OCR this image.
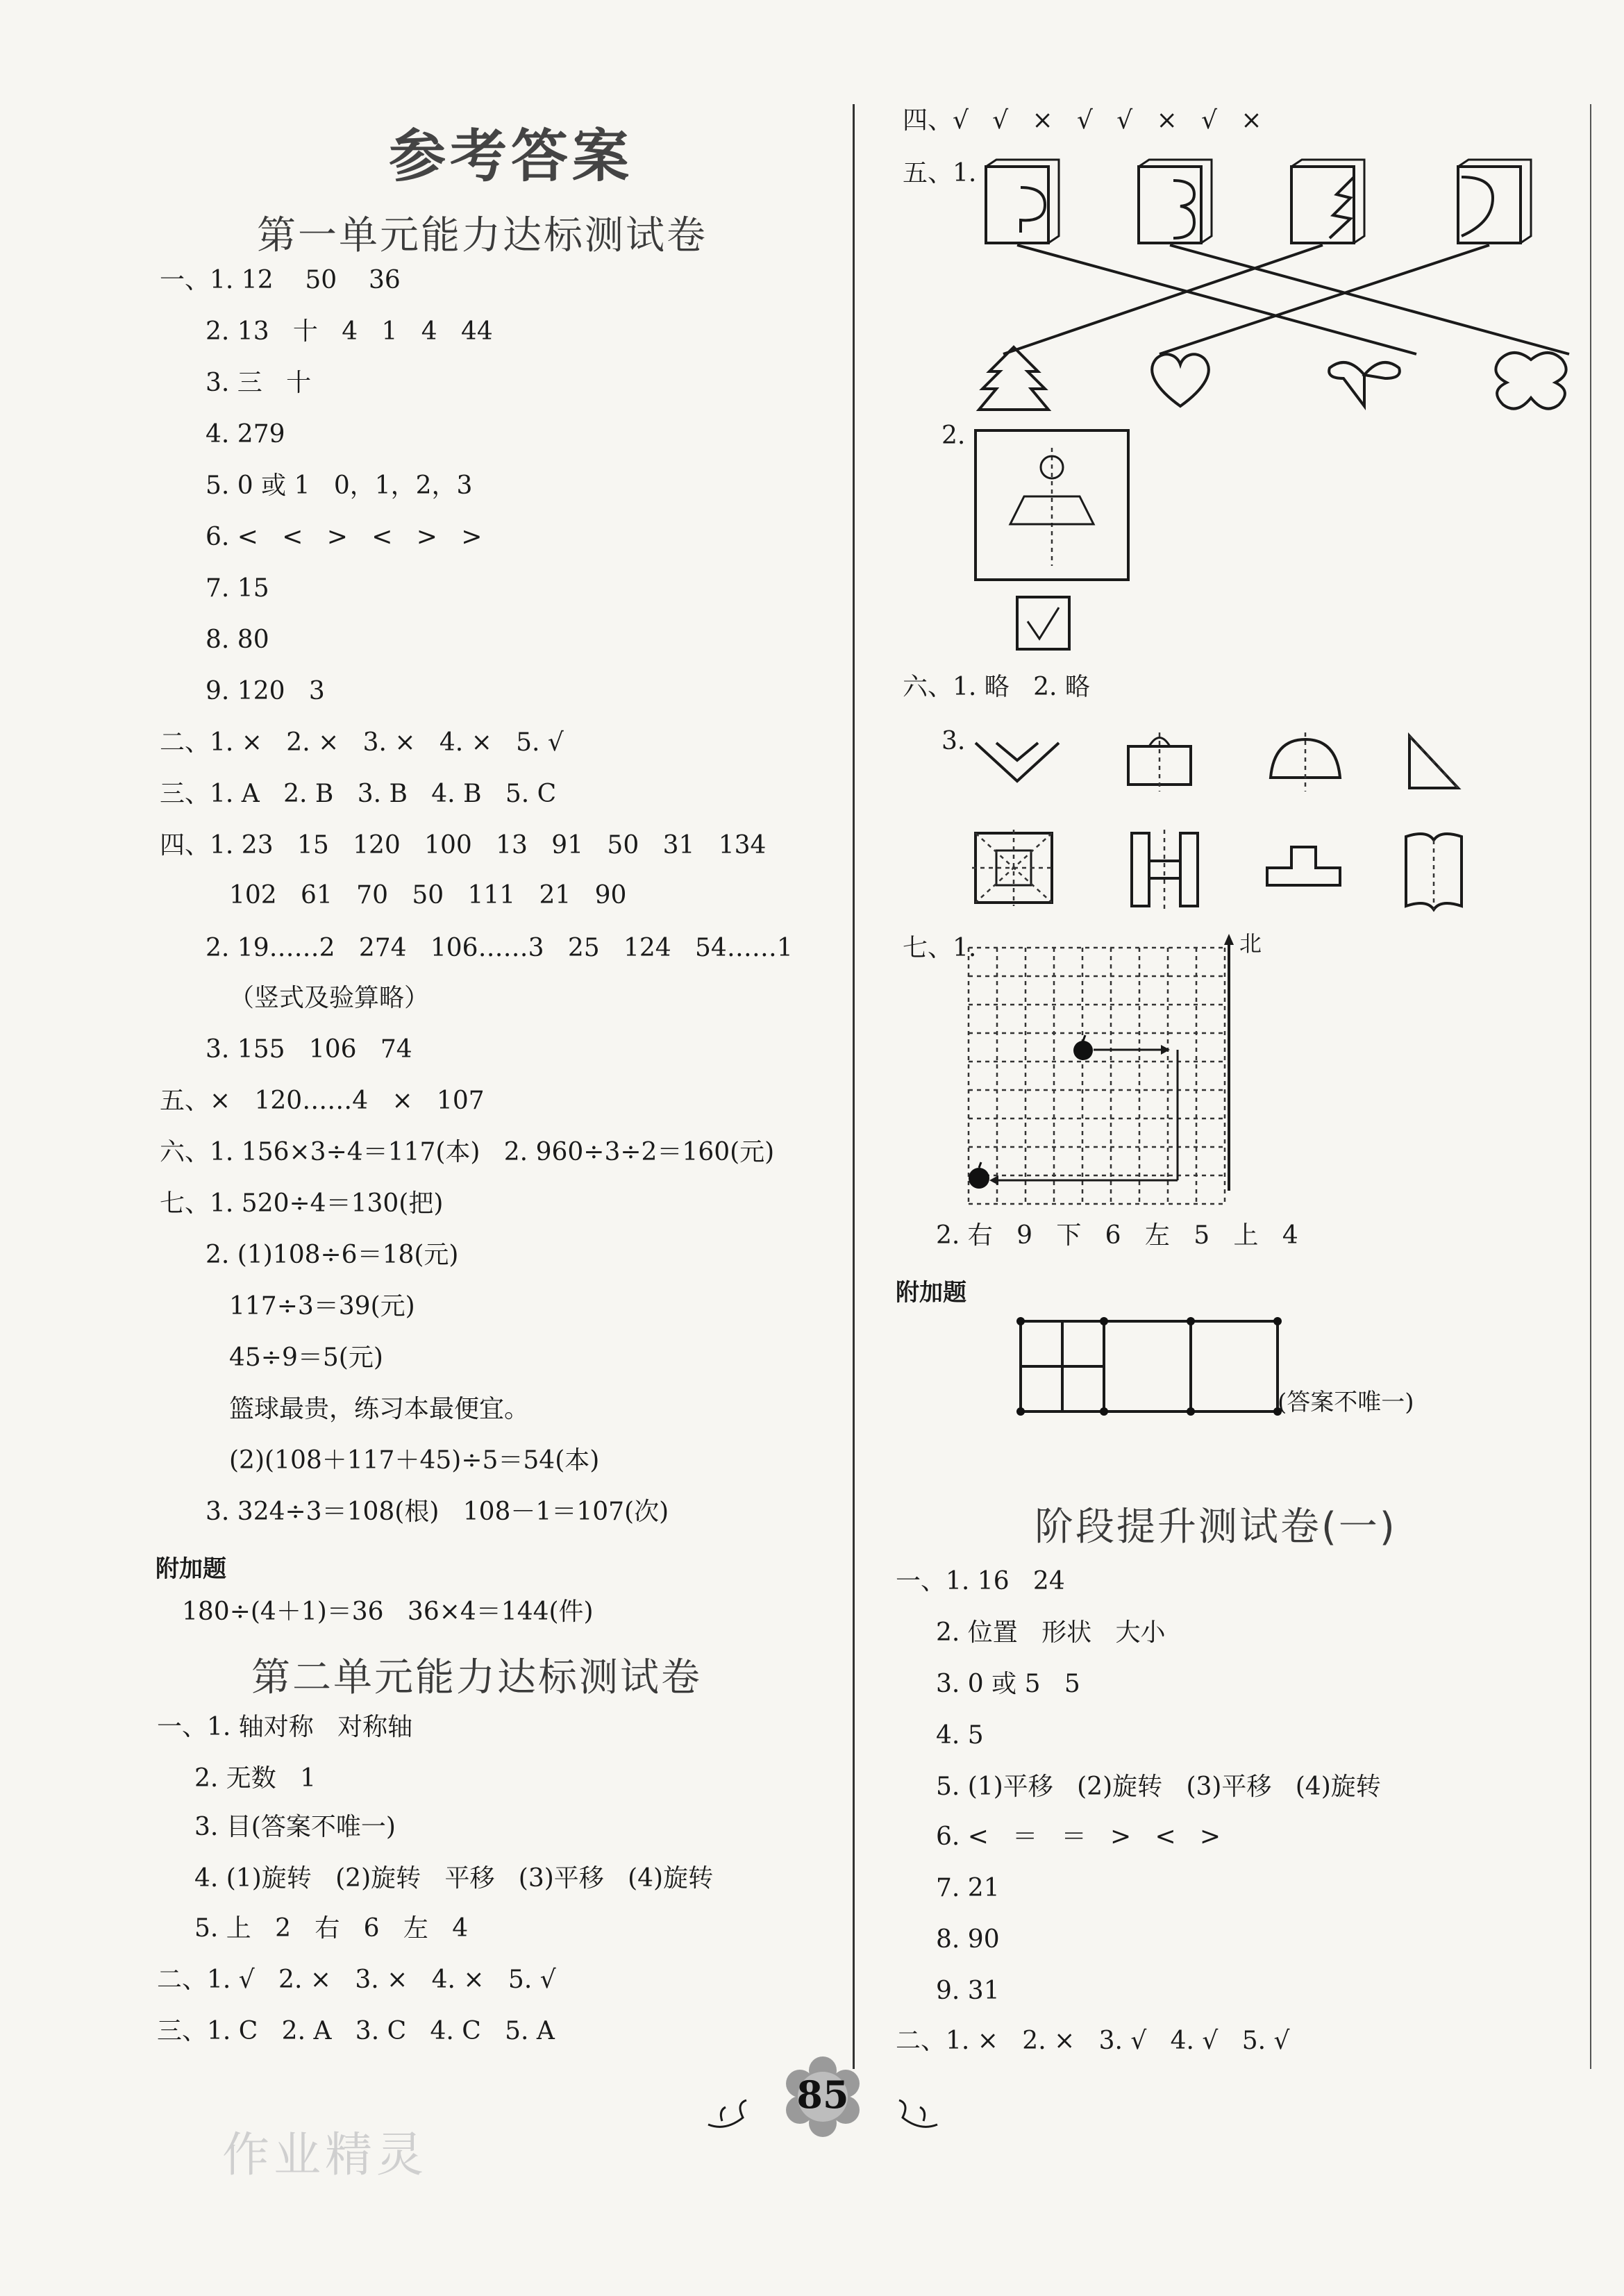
参考答案
第一单元能力达标测试卷
一、1. 12    50    36
2. 13   十   4   1   4   44
3. 三   十
4. 279
5. 0 或 1   0，1，2，3
6. <   <   >   <   >   >
7. 15
8. 80
9. 120   3
二、1. ×   2. ×   3. ×   4. ×   5. √
三、1. A   2. B   3. B   4. B   5. C
四、1. 23   15   120   100   13   91   50   31   134
102   61   70   50   111   21   90
2. 19……2   274   106……3   25   124   54……1
（竖式及验算略）
3. 155   106   74
五、×   120……4   ×   107
六、1. 156×3÷4＝117(本)   2. 960÷3÷2＝160(元)
七、1. 520÷4＝130(把)
2. (1)108÷6＝18(元)
117÷3＝39(元)
45÷9＝5(元)
篮球最贵，练习本最便宜。
(2)(108＋117＋45)÷5＝54(本)
3. 324÷3＝108(根)   108－1＝107(次)
附加题
180÷(4＋1)＝36   36×4＝144(件)
第二单元能力达标测试卷
一、1. 轴对称   对称轴
2. 无数   1
3. 目(答案不唯一)
4. (1)旋转   (2)旋转   平移   (3)平移   (4)旋转
5. 上   2   右   6   左   4
二、1. √   2. ×   3. ×   4. ×   5. √
三、1. C   2. A   3. C   4. C   5. A
四、√   √   ×   √   √   ×   √   ×
五、1.
2.
六、1. 略   2. 略
3.
七、1.	北
2. 右   9   下   6   左   5   上   4
附加题
(答案不唯一)
阶段提升测试卷(一)
一、1. 16   24
2. 位置   形状   大小
3. 0 或 5   5
4. 5
5. (1)平移   (2)旋转   (3)平移   (4)旋转
6. <   ＝   ＝   >   <   >
7. 21
8. 90
9. 31
二、1. ×   2. ×   3. √   4. √   5. √
85
作业精灵
